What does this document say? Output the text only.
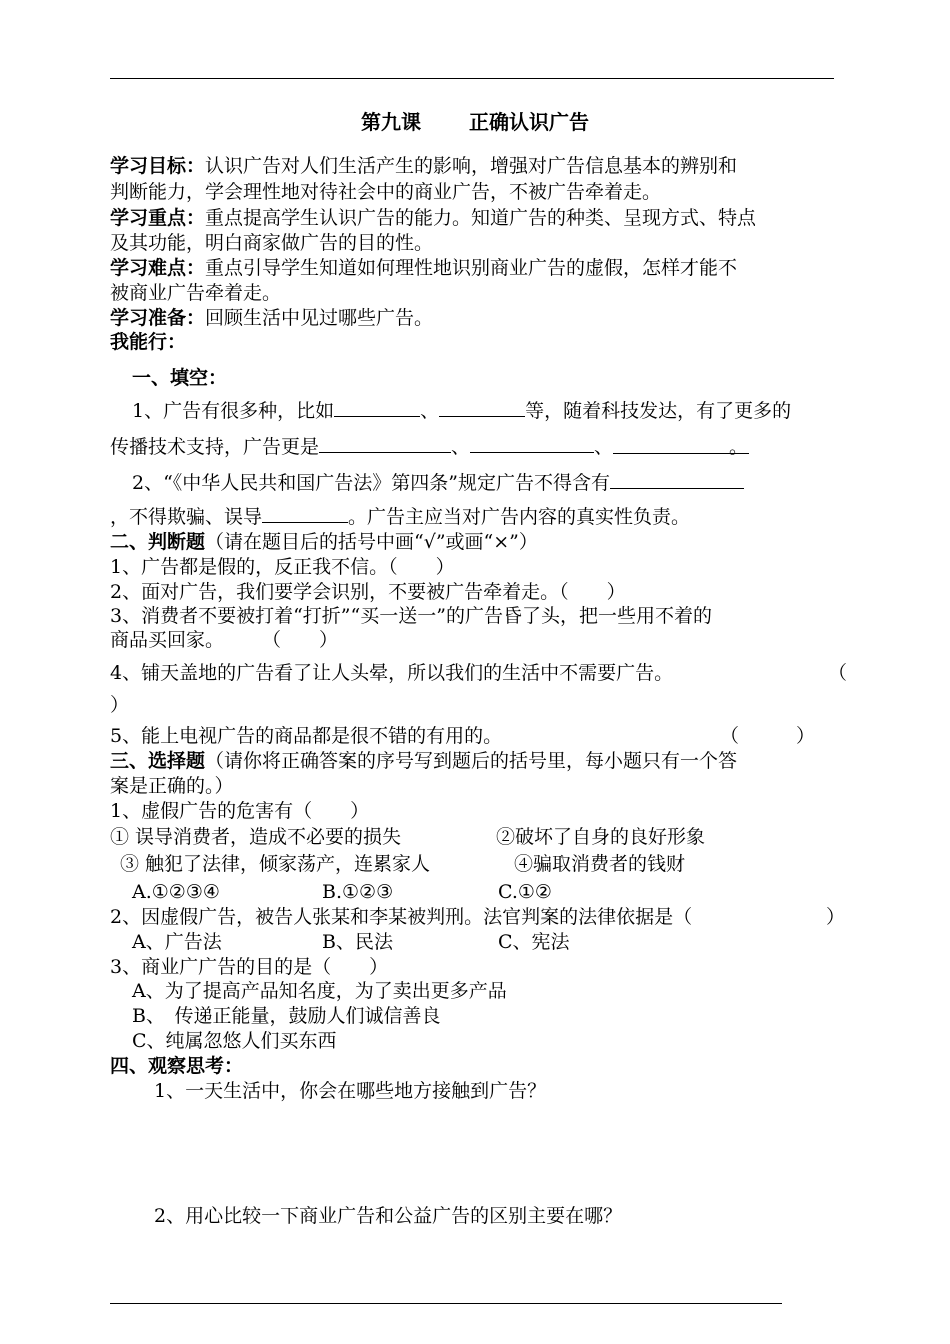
第九课 正确认识广告
学习目标：认识广告对人们生活产生的影响，增强对广告信息基本的辨别和
判断能力，学会理性地对待社会中的商业广告，不被广告牵着走。
学习重点：重点提高学生认识广告的能力。知道广告的种类、呈现方式、特点
及其功能，明白商家做广告的目的性。
学习难点：重点引导学生知道如何理性地识别商业广告的虚假，怎样才能不
被商业广告牵着走。
学习准备：回顾生活中见过哪些广告。
我能行：
一、填空：
1、广告有很多种，比如	、	等，随着科技发达，有了更多的
传播技术支持，广告更是	、	、	。
2、“《中华人民共和国广告法》第四条”规定广告不得含有
，不得欺骗、误导	。广告主应当对广告内容的真实性负责。
二、判断题（请在题目后的括号中画“√”或画“×”）
1、广告都是假的，反正我不信。（　　）
2、面对广告，我们要学会识别，不要被广告牵着走。（　　）
3、消费者不要被打着“打折”“买一送一”的广告昏了头，把一些用不着的
商品买回家。　　　（　　）
4、铺天盖地的广告看了让人头晕，所以我们的生活中不需要广告。	（
）
5、能上电视广告的商品都是很不错的有用的。	（　　　）
三、选择题（请你将正确答案的序号写到题后的括号里，每小题只有一个答
案是正确的。）
1、虚假广告的危害有（　　）
① 误导消费者，造成不必要的损失	②破坏了自身的良好形象
③ 触犯了法律，倾家荡产，连累家人	④骗取消费者的钱财
A.①②③④	B.①②③	C.①②
2、因虚假广告，被告人张某和李某被判刑。法官判案的法律依据是（	）
A、广告法	B、民法	C、宪法
3、商业广广告的目的是（　　）
A、为了提高产品知名度，为了卖出更多产品
B、　传递正能量，鼓励人们诚信善良
C、纯属忽悠人们买东西
四、观察思考：
1、一天生活中，你会在哪些地方接触到广告？
2、用心比较一下商业广告和公益广告的区别主要在哪？
